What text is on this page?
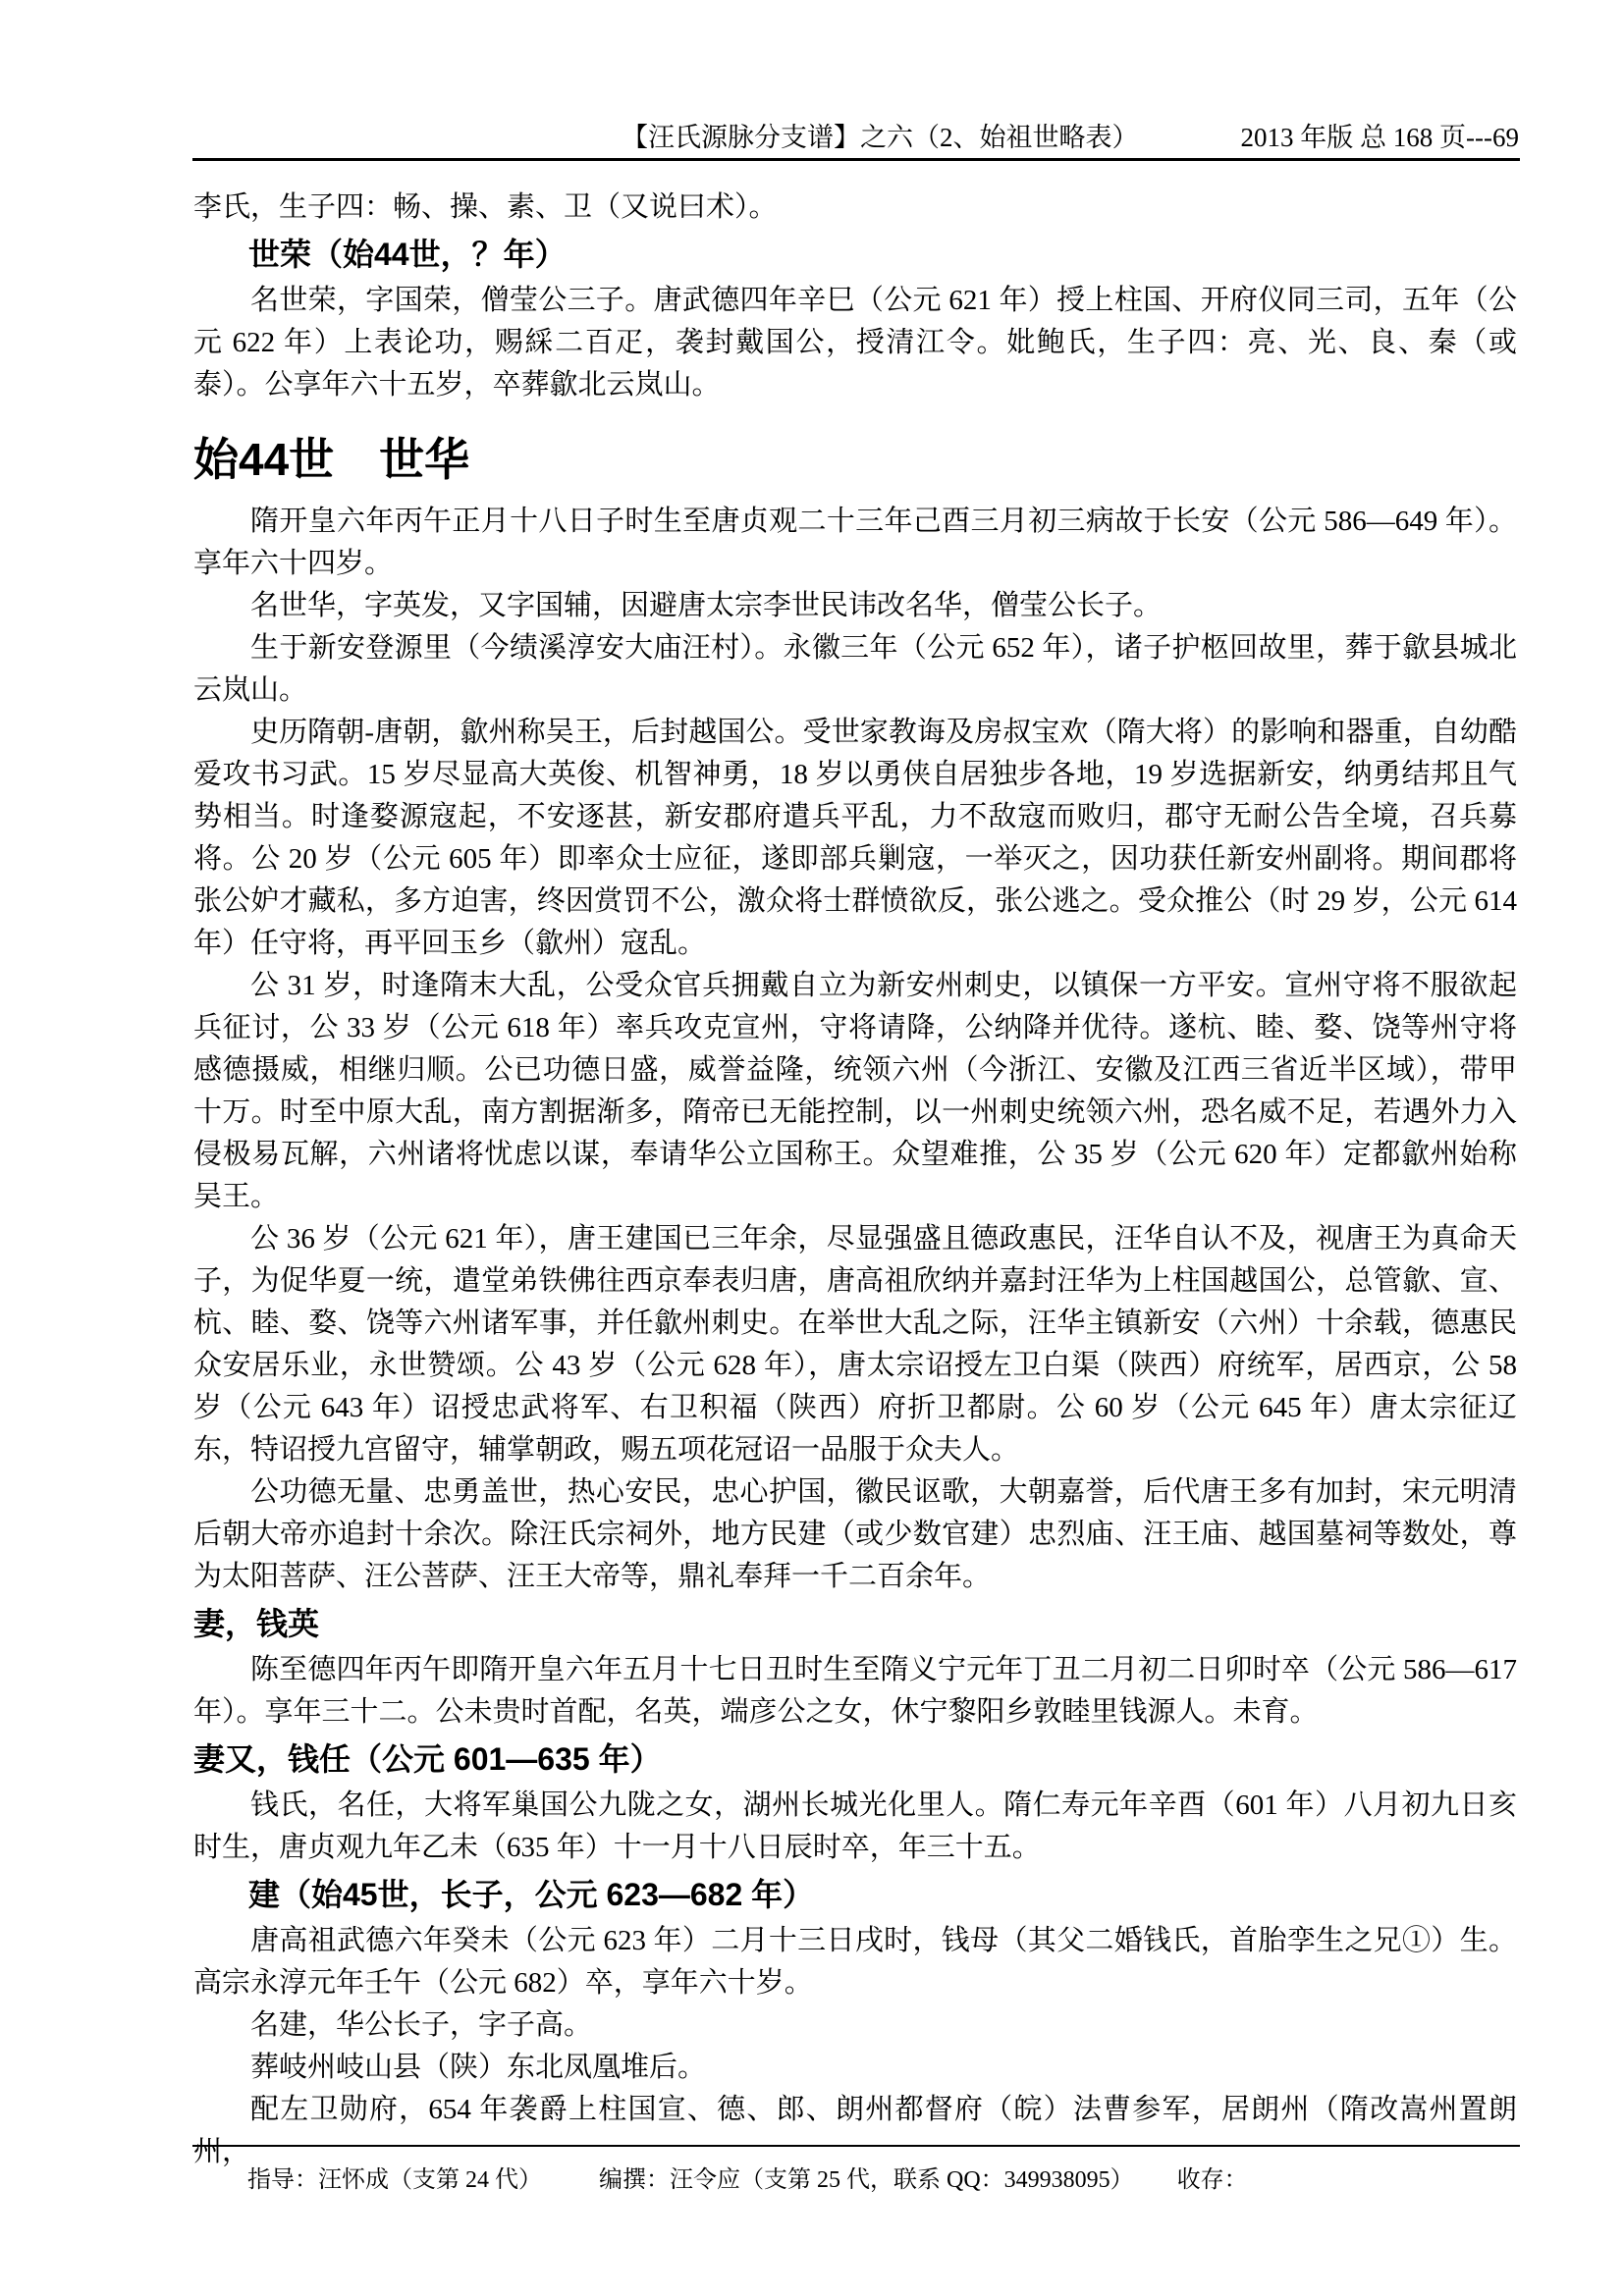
【汪氏源脉分支谱】之六（2、始祖世略表）	2013 年版 总 168 页---69

李氏，生子四：畅、操、素、卫（又说曰术）。

世荣（始44世，？年）

名世荣，字国荣，僧莹公三子。唐武德四年辛巳（公元 621 年）授上柱国、开府仪同三司，五年（公元 622 年）上表论功，赐綵二百疋，袭封戴国公，授清江令。妣鲍氏，生子四：亮、光、良、秦（或泰）。公享年六十五岁，卒葬歙北云岚山。

始44世　世华

隋开皇六年丙午正月十八日子时生至唐贞观二十三年己酉三月初三病故于长安（公元 586—649 年）。享年六十四岁。

名世华，字英发，又字国辅，因避唐太宗李世民讳改名华，僧莹公长子。

生于新安登源里（今绩溪淳安大庙汪村）。永徽三年（公元 652 年），诸子护柩回故里，葬于歙县城北云岚山。

史历隋朝-唐朝，歙州称吴王，后封越国公。受世家教诲及房叔宝欢（隋大将）的影响和器重，自幼酷爱攻书习武。15 岁尽显高大英俊、机智神勇，18 岁以勇侠自居独步各地，19 岁选据新安，纳勇结邦且气势相当。时逢婺源寇起，不安逐甚，新安郡府遣兵平乱，力不敌寇而败归，郡守无耐公告全境，召兵募将。公 20 岁（公元 605 年）即率众士应征，遂即部兵剿寇，一举灭之，因功获任新安州副将。期间郡将张公妒才藏私，多方迫害，终因赏罚不公，激众将士群愤欲反，张公逃之。受众推公（时 29 岁，公元 614 年）任守将，再平回玉乡（歙州）寇乱。

公 31 岁，时逢隋末大乱，公受众官兵拥戴自立为新安州刺史，以镇保一方平安。宣州守将不服欲起兵征讨，公 33 岁（公元 618 年）率兵攻克宣州，守将请降，公纳降并优待。遂杭、睦、婺、饶等州守将感德摄威，相继归顺。公已功德日盛，威誉益隆，统领六州（今浙江、安徽及江西三省近半区域），带甲十万。时至中原大乱，南方割据渐多，隋帝已无能控制，以一州刺史统领六州，恐名威不足，若遇外力入侵极易瓦解，六州诸将忧虑以谋，奉请华公立国称王。众望难推，公 35 岁（公元 620 年）定都歙州始称吴王。

公 36 岁（公元 621 年），唐王建国已三年余，尽显强盛且德政惠民，汪华自认不及，视唐王为真命天子，为促华夏一统，遣堂弟铁佛往西京奉表归唐，唐高祖欣纳并嘉封汪华为上柱国越国公，总管歙、宣、杭、睦、婺、饶等六州诸军事，并任歙州刺史。在举世大乱之际，汪华主镇新安（六州）十余载，德惠民众安居乐业，永世赞颂。公 43 岁（公元 628 年），唐太宗诏授左卫白渠（陕西）府统军，居西京，公 58 岁（公元 643 年）诏授忠武将军、右卫积福（陕西）府折卫都尉。公 60 岁（公元 645 年）唐太宗征辽东，特诏授九宫留守，辅掌朝政，赐五项花冠诏一品服于众夫人。

公功德无量、忠勇盖世，热心安民，忠心护国，徽民讴歌，大朝嘉誉，后代唐王多有加封，宋元明清后朝大帝亦追封十余次。除汪氏宗祠外，地方民建（或少数官建）忠烈庙、汪王庙、越国墓祠等数处，尊为太阳菩萨、汪公菩萨、汪王大帝等，鼎礼奉拜一千二百余年。

妻，钱英

陈至德四年丙午即隋开皇六年五月十七日丑时生至隋义宁元年丁丑二月初二日卯时卒（公元 586—617 年）。享年三十二。公未贵时首配，名英，端彦公之女，休宁黎阳乡敦睦里钱源人。未育。

妻又，钱任（公元 601—635 年）

钱氏，名任，大将军巢国公九陇之女，湖州长城光化里人。隋仁寿元年辛酉（601 年）八月初九日亥时生，唐贞观九年乙未（635 年）十一月十八日辰时卒，年三十五。

建（始45世，长子，公元 623—682 年）

唐高祖武德六年癸未（公元 623 年）二月十三日戌时，钱母（其父二婚钱氏，首胎孪生之兄①）生。高宗永淳元年壬午（公元 682）卒，享年六十岁。

名建，华公长子，字子高。

葬岐州岐山县（陕）东北凤凰堆后。

配左卫勋府，654 年袭爵上柱国宣、德、郎、朗州都督府（皖）法曹参军，居朗州（隋改嵩州置朗州，

指导：汪怀成（支第 24 代） 编撰：汪令应（支第 25 代，联系 QQ：349938095） 收存：
